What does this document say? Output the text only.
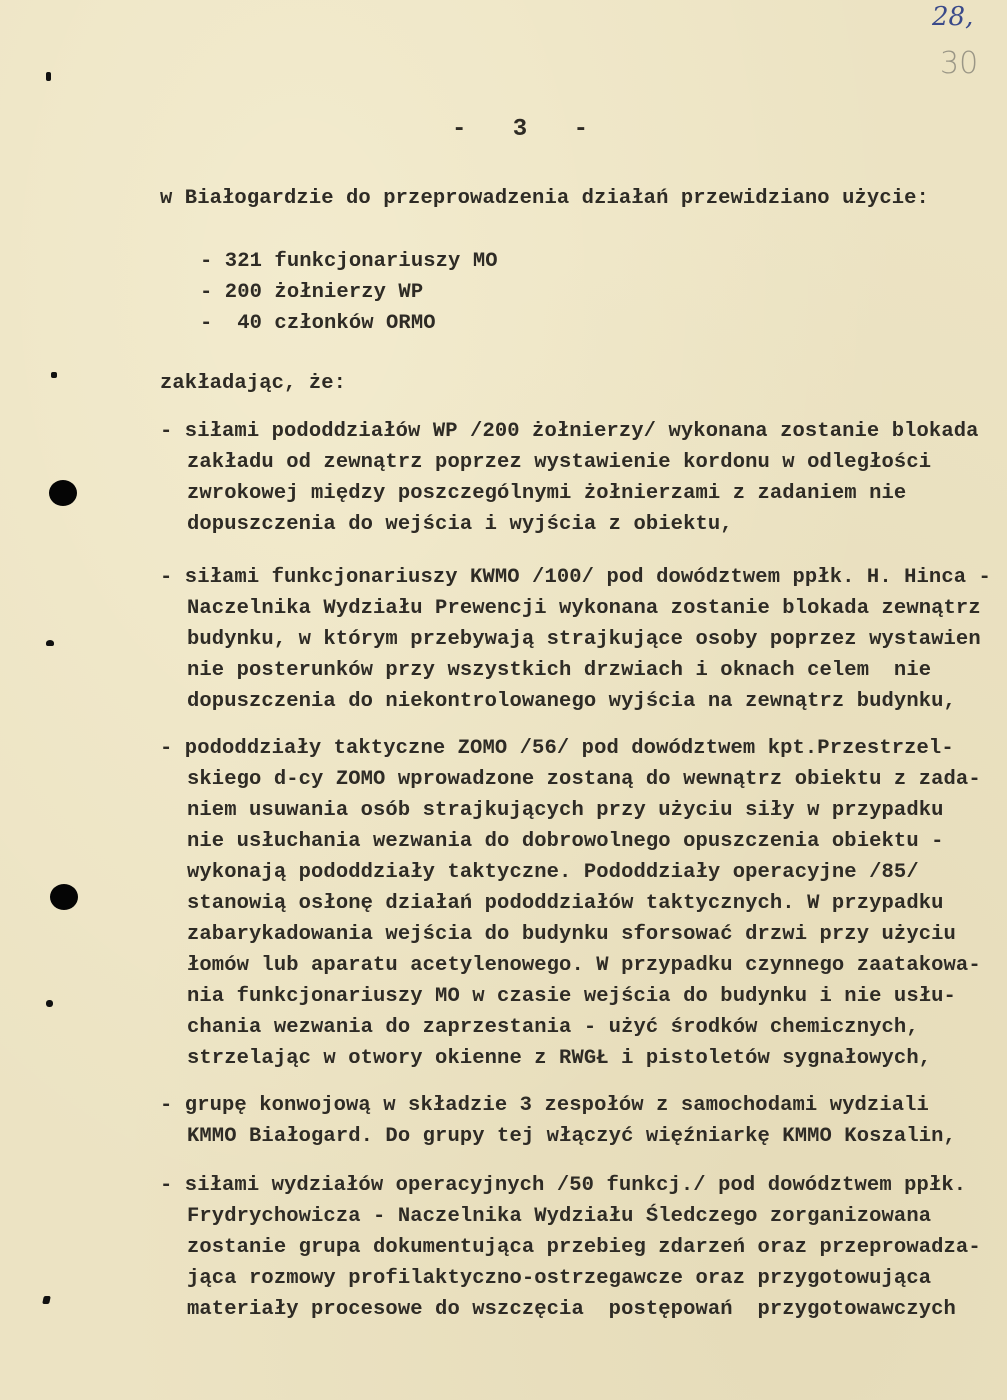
28,
30
- 3 -
w Białogardzie do przeprowadzenia działań przewidziano użycie:
- 321 funkcjonariuszy MO
- 200 żołnierzy WP
-  40 członków ORMO
zakładając, że:
- siłami pododdziałów WP /200 żołnierzy/ wykonana zostanie blokada
zakładu od zewnątrz poprzez wystawienie kordonu w odległości
zwrokowej między poszczególnymi żołnierzami z zadaniem nie
dopuszczenia do wejścia i wyjścia z obiektu,
- siłami funkcjonariuszy KWMO /100/ pod dowództwem ppłk. H. Hinca -
Naczelnika Wydziału Prewencji wykonana zostanie blokada zewnątrz
budynku, w którym przebywają strajkujące osoby poprzez wystawien
nie posterunków przy wszystkich drzwiach i oknach celem  nie
dopuszczenia do niekontrolowanego wyjścia na zewnątrz budynku,
- pododdziały taktyczne ZOMO /56/ pod dowództwem kpt.Przestrzel-
skiego d-cy ZOMO wprowadzone zostaną do wewnątrz obiektu z zada-
niem usuwania osób strajkujących przy użyciu siły w przypadku
nie usłuchania wezwania do dobrowolnego opuszczenia obiektu -
wykonają pododdziały taktyczne. Pododdziały operacyjne /85/
stanowią osłonę działań pododdziałów taktycznych. W przypadku
zabarykadowania wejścia do budynku sforsować drzwi przy użyciu
łomów lub aparatu acetylenowego. W przypadku czynnego zaatakowa-
nia funkcjonariuszy MO w czasie wejścia do budynku i nie usłu-
chania wezwania do zaprzestania - użyć środków chemicznych,
strzelając w otwory okienne z RWGŁ i pistoletów sygnałowych,
- grupę konwojową w składzie 3 zespołów z samochodami wydziali
KMMO Białogard. Do grupy tej włączyć więźniarkę KMMO Koszalin,
- siłami wydziałów operacyjnych /50 funkcj./ pod dowództwem ppłk.
Frydrychowicza - Naczelnika Wydziału Śledczego zorganizowana
zostanie grupa dokumentująca przebieg zdarzeń oraz przeprowadza-
jąca rozmowy profilaktyczno-ostrzegawcze oraz przygotowująca
materiały procesowe do wszczęcia  postępowań  przygotowawczych
